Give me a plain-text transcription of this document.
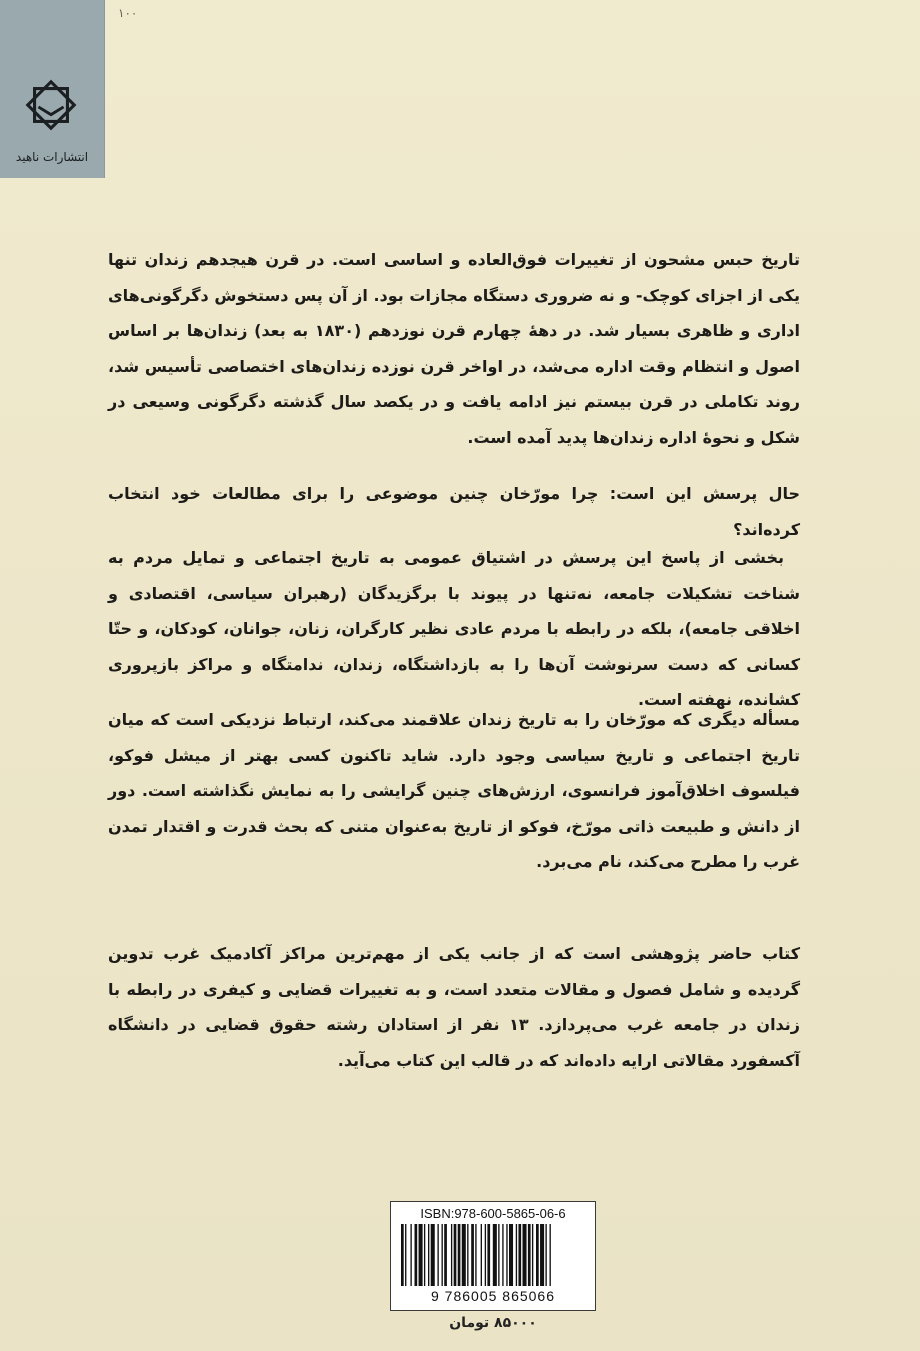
انتشارات ناهید
١٠٠
تاریخ حبس مشحون از تغییرات فوق‌العاده و اساسی است. در قرن هیجدهم زندان تنها یکی از اجزای کوچک- و نه ضروری دستگاه مجازات بود. از آن پس دستخوش دگرگونی‌های اداری و ظاهری بسیار شد. در دههٔ چهارم قرن نوزدهم (۱۸۳۰ به بعد) زندان‌ها بر اساس اصول و انتظام وقت اداره می‌شد، در اواخر قرن نوزده زندان‌های اختصاصی تأسیس شد، روند تکاملی در قرن بیستم نیز ادامه یافت و در یکصد سال گذشته دگرگونی وسیعی در شکل و نحوهٔ اداره زندان‌ها پدید آمده است.
حال پرسش این است: چرا مورّخان چنین موضوعی را برای مطالعات خود انتخاب کرده‌اند؟
بخشی از پاسخ این پرسش در اشتیاق عمومی به تاریخ اجتماعی و تمایل مردم به شناخت تشکیلات جامعه، نه‌تنها در پیوند با برگزیدگان (رهبران سیاسی، اقتصادی و اخلاقی جامعه)، بلکه در رابطه با مردم عادی نظیر کارگران، زنان، جوانان، کودکان، و حتّا کسانی که دست سرنوشت آن‌ها را به بازداشتگاه، زندان، ندامتگاه و مراکز بازپروری کشانده، نهفته است.
مسأله دیگری که مورّخان را به تاریخ زندان علاقمند می‌کند، ارتباط نزدیکی است که میان تاریخ اجتماعی و تاریخ سیاسی وجود دارد. شاید تاکنون کسی بهتر از میشل فوکو، فیلسوف اخلاق‌آموز فرانسوی، ارزش‌های چنین گرایشی را به نمایش نگذاشته است. دور از دانش و طبیعت ذاتی مورّخ، فوکو از تاریخ به‌عنوان متنی که بحث قدرت و اقتدار تمدن غرب را مطرح می‌کند، نام می‌برد.
کتاب حاضر پژوهشی است که از جانب یکی از مهم‌ترین مراکز آکادمیک غرب تدوین گردیده و شامل فصول و مقالات متعدد است، و به تغییرات قضایی و کیفری در رابطه با زندان در جامعه غرب می‌پردازد. ۱۳ نفر از استادان رشته حقوق قضایی در دانشگاه آکسفورد مقالاتی ارایه داده‌اند که در قالب این کتاب می‌آید.
ISBN:978-600-5865-06-6
9 786005 865066
۸۵۰۰۰ تومان
